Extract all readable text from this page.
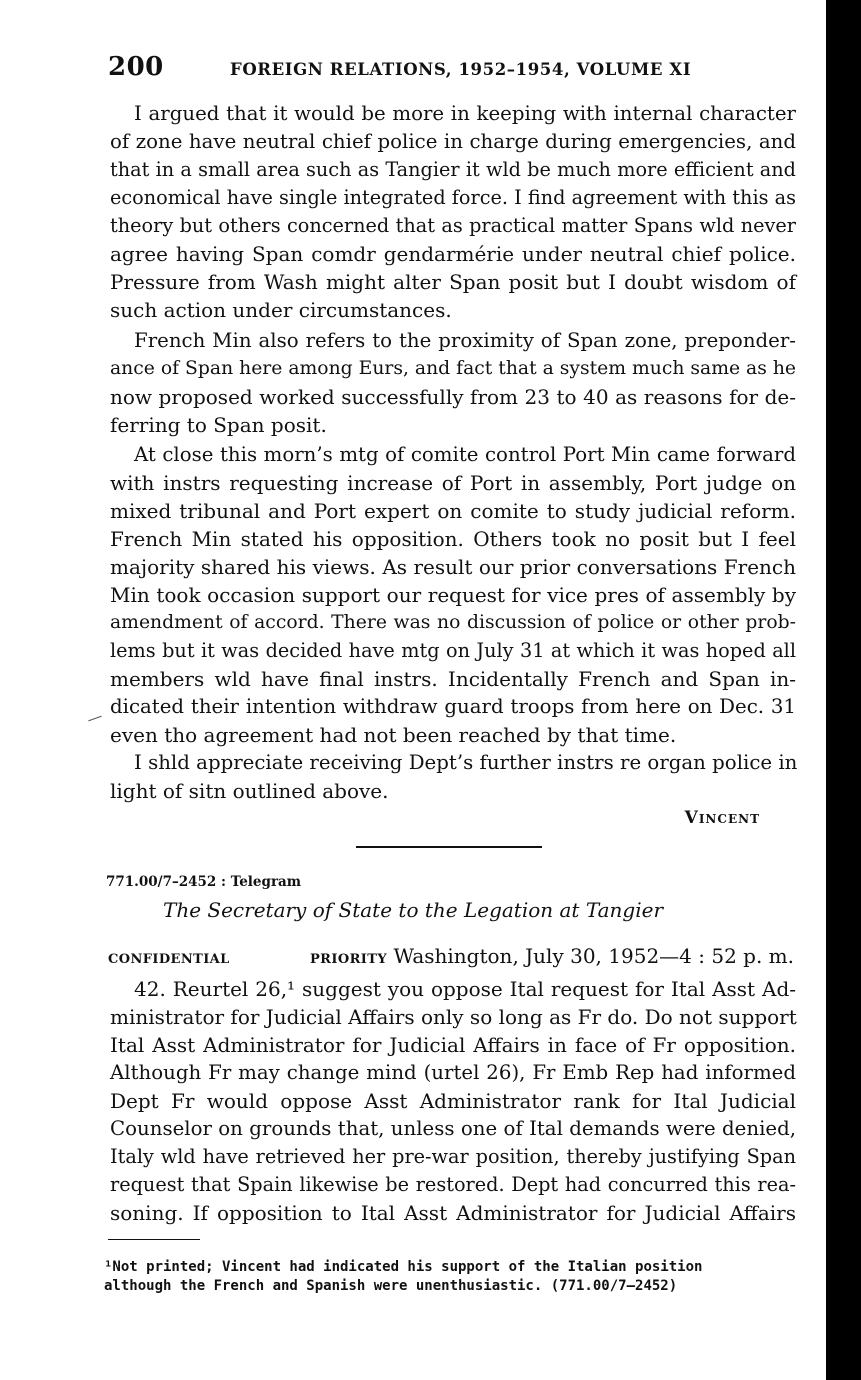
200	FOREIGN RELATIONS, 1952–1954, VOLUME XI
I argued that it would be more in keeping with internal character
of zone have neutral chief police in charge during emergencies, and
that in a small area such as Tangier it wld be much more efficient and
economical have single integrated force. I find agreement with this as
theory but others concerned that as practical matter Spans wld never
agree having Span comdr gendarmérie under neutral chief police.
Pressure from Wash might alter Span posit but I doubt wisdom of
such action under circumstances.
French Min also refers to the proximity of Span zone, preponder-
ance of Span here among Eurs, and fact that a system much same as he
now proposed worked successfully from 23 to 40 as reasons for de-
ferring to Span posit.
At close this morn’s mtg of comite control Port Min came forward
with instrs requesting increase of Port in assembly, Port judge on
mixed tribunal and Port expert on comite to study judicial reform.
French Min stated his opposition. Others took no posit but I feel
majority shared his views. As result our prior conversations French
Min took occasion support our request for vice pres of assembly by
amendment of accord. There was no discussion of police or other prob-
lems but it was decided have mtg on July 31 at which it was hoped all
members wld have final instrs. Incidentally French and Span in-
dicated their intention withdraw guard troops from here on Dec. 31
even tho agreement had not been reached by that time.
I shld appreciate receiving Dept’s further instrs re organ police in
light of sitn outlined above.
Vincent
771.00/7–2452 : Telegram
The Secretary of State to the Legation at Tangier
CONFIDENTIAL	PRIORITY Washington, July 30, 1952—4 : 52 p. m.
42. Reurtel 26,¹ suggest you oppose Ital request for Ital Asst Ad-
ministrator for Judicial Affairs only so long as Fr do. Do not support
Ital Asst Administrator for Judicial Affairs in face of Fr opposition.
Although Fr may change mind (urtel 26), Fr Emb Rep had informed
Dept Fr would oppose Asst Administrator rank for Ital Judicial
Counselor on grounds that, unless one of Ital demands were denied,
Italy wld have retrieved her pre-war position, thereby justifying Span
request that Spain likewise be restored. Dept had concurred this rea-
soning. If opposition to Ital Asst Administrator for Judicial Affairs
¹Not printed; Vincent had indicated his support of the Italian position
although the French and Spanish were unenthusiastic. (771.00/7–2452)
